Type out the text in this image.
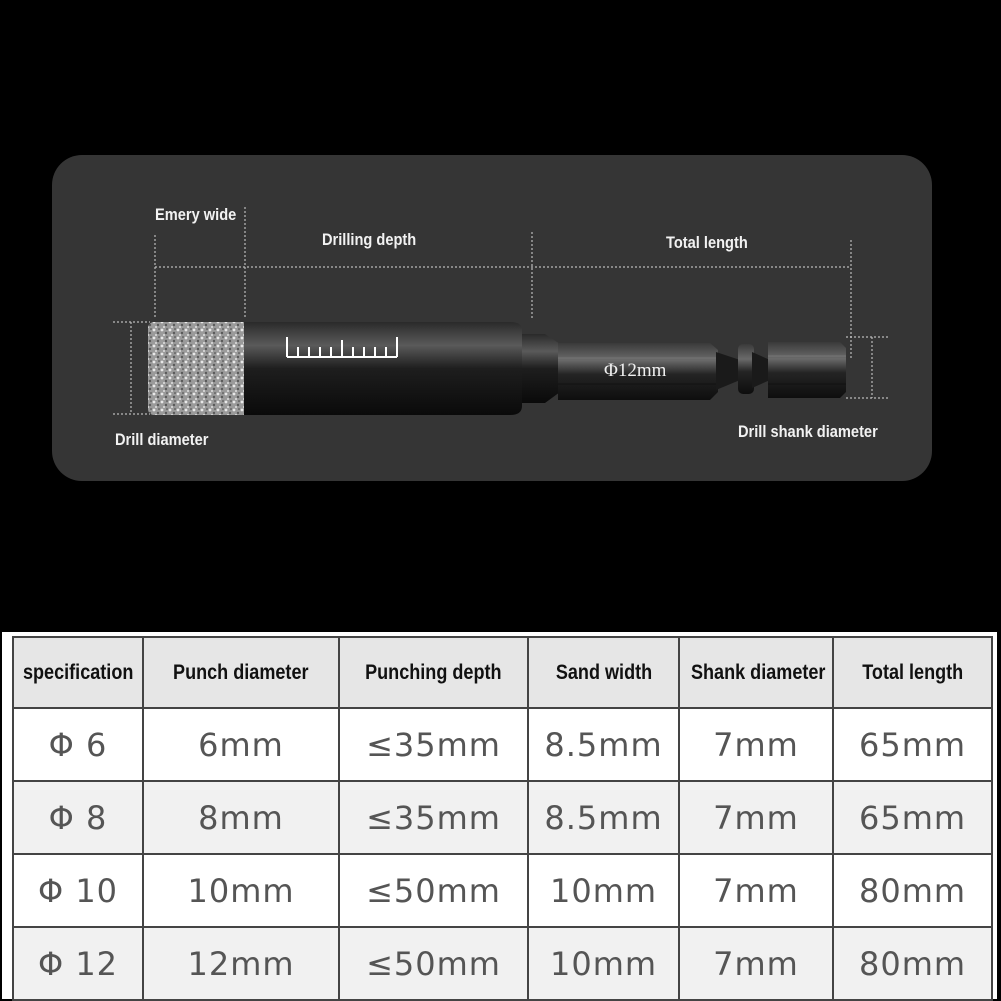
Emery wide
Drilling depth	Total length
Drill diameter	Drill shank diameter
Φ12mm
specification	Punch diameter	Punching depth	Sand width	Shank diameter	Total length
Φ 6	6mm	≤35mm	8.5mm	7mm	65mm
Φ 8	8mm	≤35mm	8.5mm	7mm	65mm
Φ 10	10mm	≤50mm	10mm	7mm	80mm
Φ 12	12mm	≤50mm	10mm	7mm	80mm
